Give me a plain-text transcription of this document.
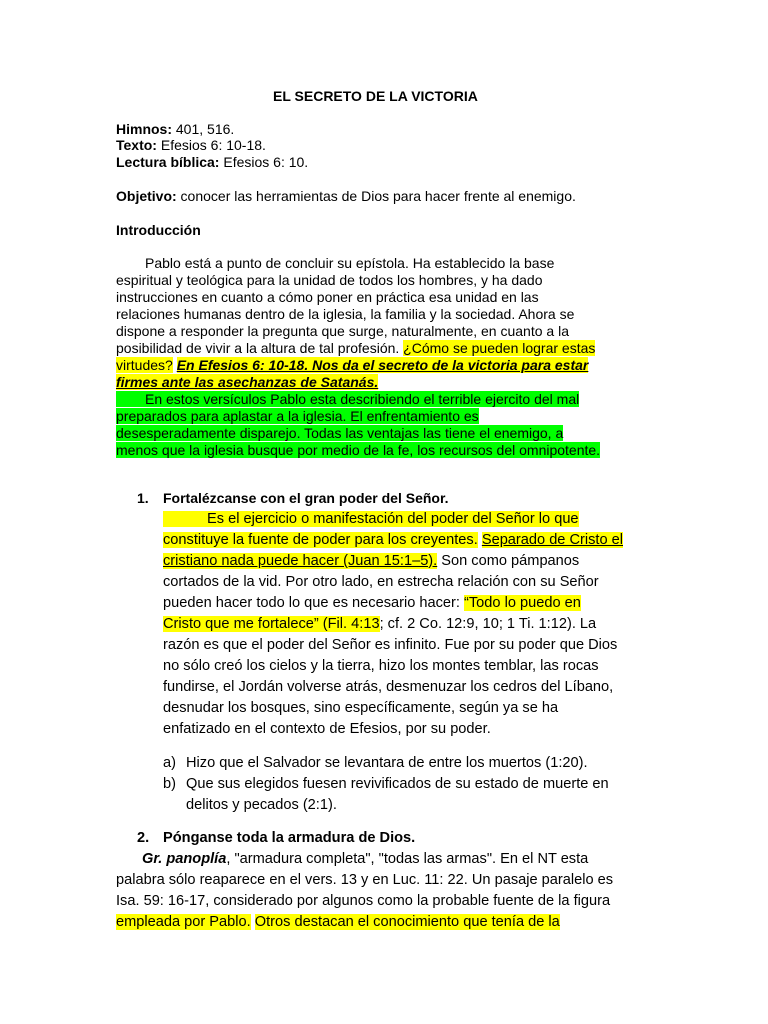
EL SECRETO DE LA VICTORIA
Himnos: 401, 516.
Texto: Efesios 6: 10-18.
Lectura bíblica: Efesios 6: 10.
Objetivo: conocer las herramientas de Dios para hacer frente al enemigo.
Introducción
Pablo está a punto de concluir su epístola. Ha establecido la base
espiritual y teológica para la unidad de todos los hombres, y ha dado
instrucciones en cuanto a cómo poner en práctica esa unidad en las
relaciones humanas dentro de la iglesia, la familia y la sociedad. Ahora se
dispone a responder la pregunta que surge, naturalmente, en cuanto a la
posibilidad de vivir a la altura de tal profesión. ¿Cómo se pueden lograr estas
virtudes? En Efesios 6: 10-18. Nos da el secreto de la victoria para estar
firmes ante las asechanzas de Satanás.
En estos versículos Pablo esta describiendo el terrible ejercito del mal
preparados para aplastar a la iglesia. El enfrentamiento es
desesperadamente disparejo. Todas las ventajas las tiene el enemigo, a
menos que la iglesia busque por medio de la fe, los recursos del omnipotente.
1. Fortalézcanse con el gran poder del Señor.
Es el ejercicio o manifestación del poder del Señor lo que
constituye la fuente de poder para los creyentes. Separado de Cristo el
cristiano nada puede hacer (Juan 15:1–5). Son como pámpanos
cortados de la vid. Por otro lado, en estrecha relación con su Señor
pueden hacer todo lo que es necesario hacer: “Todo lo puedo en
Cristo que me fortalece” (Fil. 4:13; cf. 2 Co. 12:9, 10; 1 Ti. 1:12). La
razón es que el poder del Señor es infinito. Fue por su poder que Dios
no sólo creó los cielos y la tierra, hizo los montes temblar, las rocas
fundirse, el Jordán volverse atrás, desmenuzar los cedros del Líbano,
desnudar los bosques, sino específicamente, según ya se ha
enfatizado en el contexto de Efesios, por su poder.
a) Hizo que el Salvador se levantara de entre los muertos (1:20).
b) Que sus elegidos fuesen revivificados de su estado de muerte en
delitos y pecados (2:1).
2. Pónganse toda la armadura de Dios.
Gr. panoplía, "armadura completa", "todas las armas". En el NT esta
palabra sólo reaparece en el vers. 13 y en Luc. 11: 22. Un pasaje paralelo es
Isa. 59: 16-17, considerado por algunos como la probable fuente de la figura
empleada por Pablo. Otros destacan el conocimiento que tenía de la
